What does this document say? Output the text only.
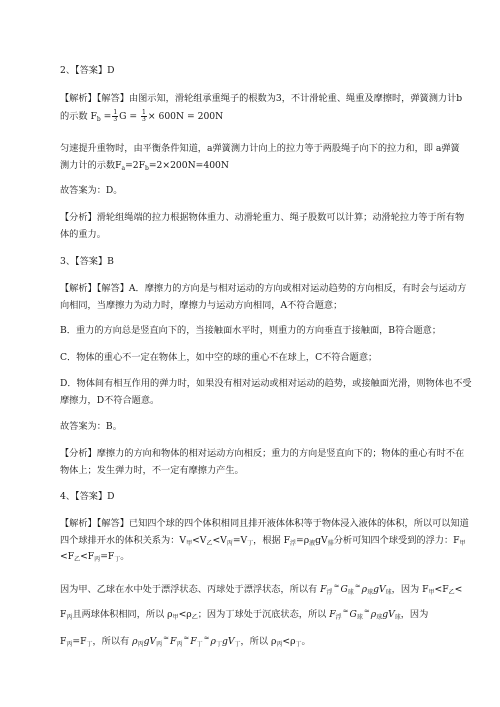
2、【答案】D
【解析】【解答】由图示知，滑轮组承重绳子的根数为3，不计滑轮重、绳重及摩擦时，弹簧测力计b
的示数 $F_b = \frac{1}{3}$ $G = \frac{1}{3} \times 600N = 200N$
匀速提升重物时，由平衡条件知道，a弹簧测力计向上的拉力等于两股绳子向下的拉力和，即 a弹簧
测力计的示数$F_a=2F_b=2\times 200N=400N$
故答案为：D。
【分析】滑轮组绳端的拉力根据物体重力、动滑轮重力、绳子股数可以计算；动滑轮拉力等于所有物
体的重力。
3、【答案】B
【解析】【解答】A．摩擦力的方向是与相对运动的方向或相对运动趋势的方向相反，有时会与运动方
向相同，当摩擦力为动力时，摩擦力与运动方向相同，A不符合题意；
B．重力的方向总是竖直向下的，当接触面水平时，则重力的方向垂直于接触面，B符合题意；
C．物体的重心不一定在物体上，如中空的球的重心不在球上，C不符合题意；
D．物体间有相互作用的弹力时，如果没有相对运动或相对运动的趋势，或接触面光滑，则物体也不受
摩擦力，D不符合题意。
故答案为：B。
【分析】摩擦力的方向和物体的相对运动方向相反；重力的方向是竖直向下的；物体的重心有时不在
物体上；发生弹力时，不一定有摩擦力产生。
4、【答案】D
【解析】【解答】已知四个球的四个体积相同且排开液体体积等于物体浸入液体的体积，所以可以知道
四个球排开水的体积关系为：$V_甲<V_乙<V_丙=V_丁$，根据 $F_浮=\rho_液gV_排$分析可知四个球受到的浮力：$F_甲$
$<F_乙<F_丙=F_丁$。
因为甲、乙球在水中处于漂浮状态、丙球处于漂浮状态，所以有 $F_浮^\approx G_球^\approx\rho_球gV_球$，因为 $F_甲<F_乙<$
$F_丙$且两球体积相同，所以 $\rho_甲<\rho_乙$；因为丁球处于沉底状态，所以 $F_浮^\approx G_球^\approx\rho_球gV_球$，因为
$F_丙=F_丁$，所以有 $\rho_丙gV_丙^\approx F_丙^\approx F_丁^\approx\rho_丁gV_丁$，所以 $\rho_丙<\rho_丁$。
